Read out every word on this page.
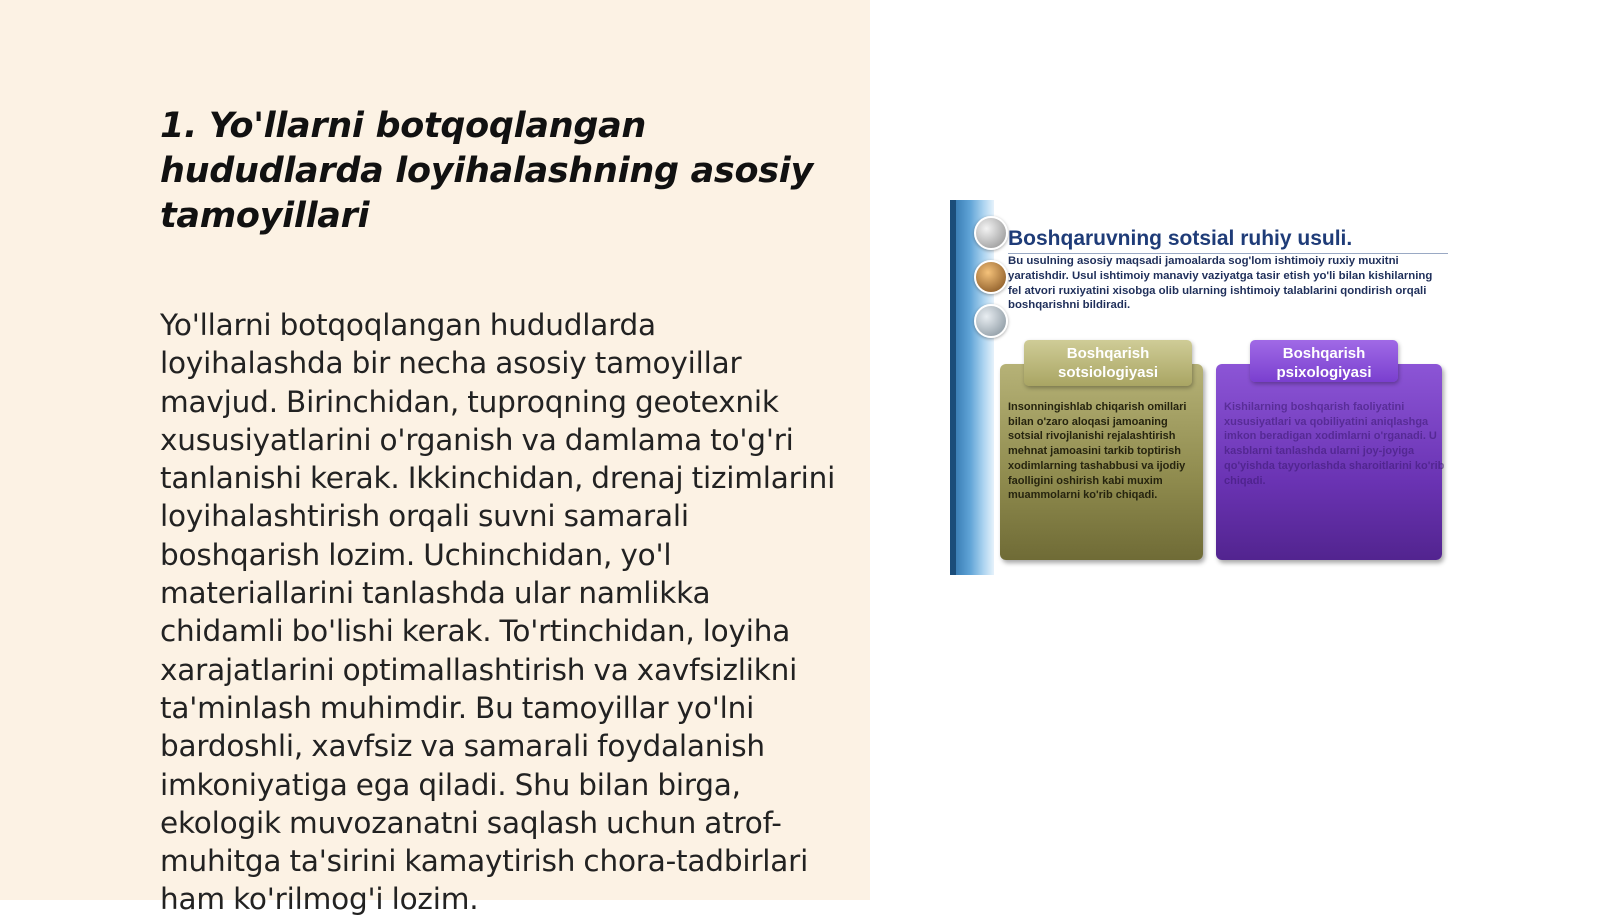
1. Yo'llarni botqoqlangan hududlarda loyihalashning asosiy tamoyillari

Yo'llarni botqoqlangan hududlarda loyihalashda bir necha asosiy tamoyillar mavjud. Birinchidan, tuproqning geotexnik xususiyatlarini o'rganish va damlama to'g'ri tanlanishi kerak. Ikkinchidan, drenaj tizimlarini loyihalashtirish orqali suvni samarali boshqarish lozim. Uchinchidan, yo'l materiallarini tanlashda ular namlikka chidamli bo'lishi kerak. To'rtinchidan, loyiha xarajatlarini optimallashtirish va xavfsizlikni ta'minlash muhimdir. Bu tamoyillar yo'lni bardoshli, xavfsiz va samarali foydalanish imkoniyatiga ega qiladi. Shu bilan birga, ekologik muvozanatni saqlash uchun atrof-muhitga ta'sirini kamaytirish chora-tadbirlari ham ko'rilmog'i lozim.

Boshqaruvning sotsial ruhiy usuli.

Bu usulning asosiy maqsadi jamoalarda sog'lom ishtimoiy ruxiy muxitni yaratishdir. Usul ishtimoiy manaviy vaziyatga tasir etish yo'li bilan kishilarning fel atvori ruxiyatini xisobga olib ularning ishtimoiy talablarini qondirish orqali boshqarishni bildiradi.

Boshqarish sotsiologiyasi
Boshqarish psixologiyasi

Insonningishlab chiqarish omillari bilan o'zaro aloqasi jamoaning sotsial rivojlanishi rejalashtirish mehnat jamoasini tarkib toptirish xodimlarning tashabbusi va ijodiy faolligini oshirish kabi muxim muammolarni ko'rib chiqadi.

Kishilarning boshqarish faoliyatini xususiyatlari va qobiliyatini aniqlashga imkon beradigan xodimlarni o'rganadi. U kasblarni tanlashda ularni joy-joyiga qo'yishda tayyorlashda sharoitlarini ko'rib chiqadi.
